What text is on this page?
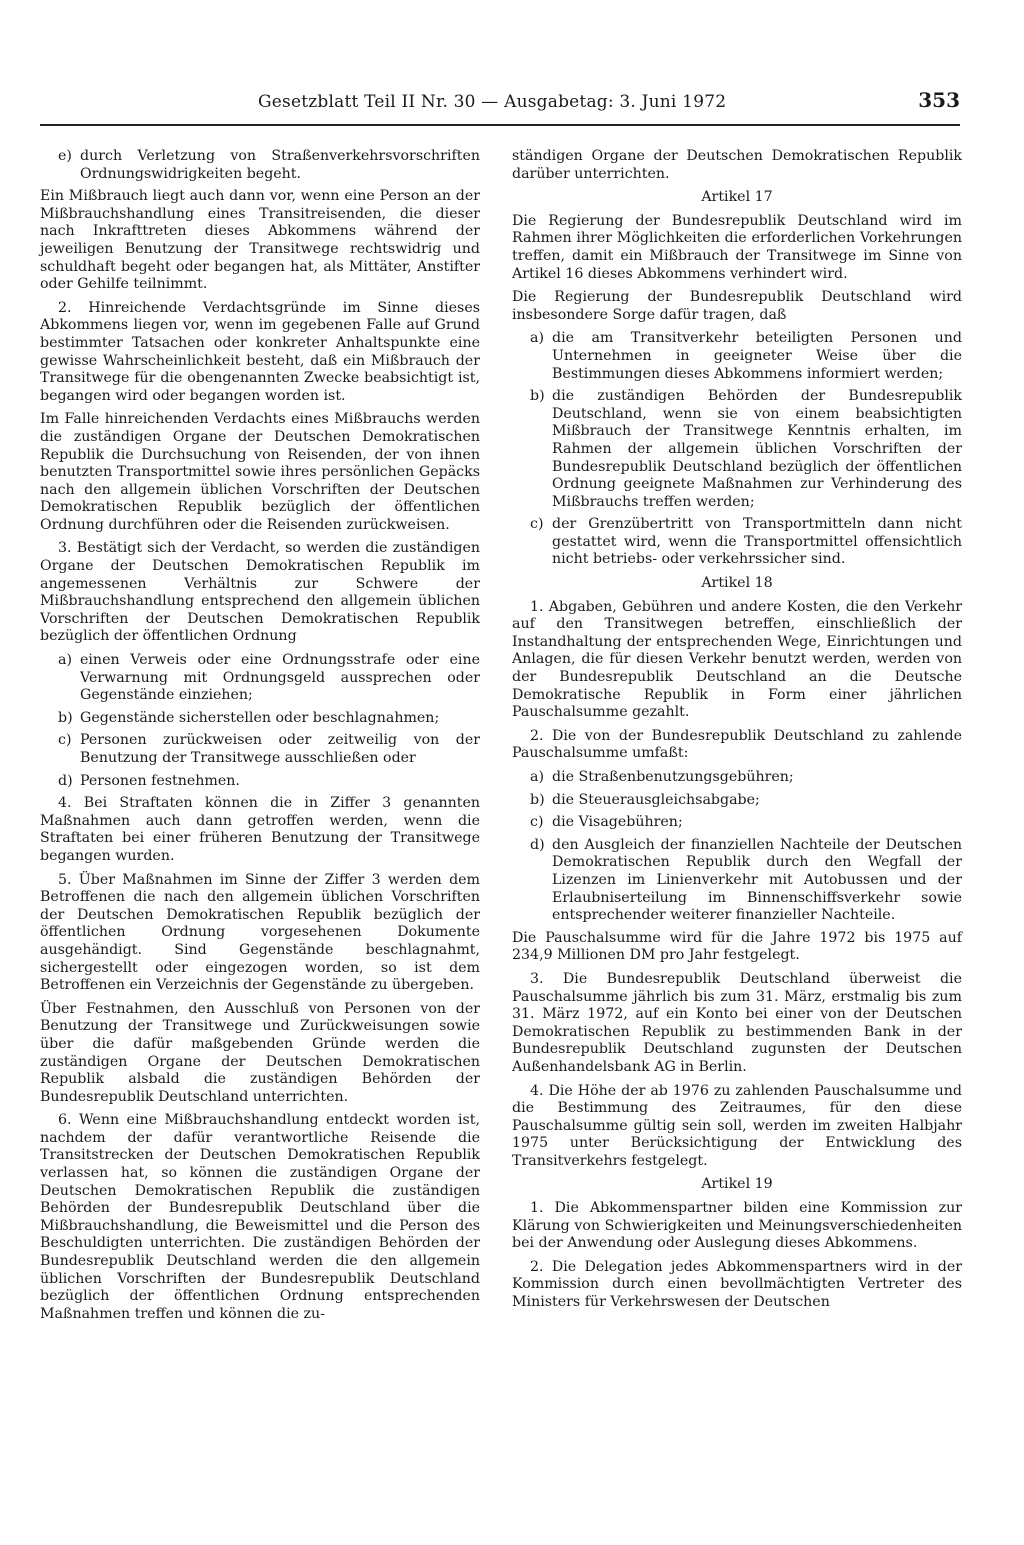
Gesetzblatt Teil II Nr. 30 — Ausgabetag: 3. Juni 1972	353
e) durch Verletzung von Straßenverkehrsvorschriften Ordnungswidrigkeiten begeht.

Ein Mißbrauch liegt auch dann vor, wenn eine Person an der Mißbrauchshandlung eines Transitreisenden, die dieser nach Inkrafttreten dieses Abkommens während der jeweiligen Benutzung der Transitwege rechtswidrig und schuldhaft begeht oder begangen hat, als Mittäter, Anstifter oder Gehilfe teilnimmt.

2. Hinreichende Verdachtsgründe im Sinne dieses Abkommens liegen vor, wenn im gegebenen Falle auf Grund bestimmter Tatsachen oder konkreter Anhaltspunkte eine gewisse Wahrscheinlichkeit besteht, daß ein Mißbrauch der Transitwege für die obengenannten Zwecke beabsichtigt ist, begangen wird oder begangen worden ist.

Im Falle hinreichenden Verdachts eines Mißbrauchs werden die zuständigen Organe der Deutschen Demokratischen Republik die Durchsuchung von Reisenden, der von ihnen benutzten Transportmittel sowie ihres persönlichen Gepäcks nach den allgemein üblichen Vorschriften der Deutschen Demokratischen Republik bezüglich der öffentlichen Ordnung durchführen oder die Reisenden zurückweisen.

3. Bestätigt sich der Verdacht, so werden die zuständigen Organe der Deutschen Demokratischen Republik im angemessenen Verhältnis zur Schwere der Mißbrauchshandlung entsprechend den allgemein üblichen Vorschriften der Deutschen Demokratischen Republik bezüglich der öffentlichen Ordnung

a) einen Verweis oder eine Ordnungsstrafe oder eine Verwarnung mit Ordnungsgeld aussprechen oder Gegenstände einziehen;
b) Gegenstände sicherstellen oder beschlagnahmen;
c) Personen zurückweisen oder zeitweilig von der Benutzung der Transitwege ausschließen oder
d) Personen festnehmen.

4. Bei Straftaten können die in Ziffer 3 genannten Maßnahmen auch dann getroffen werden, wenn die Straftaten bei einer früheren Benutzung der Transitwege begangen wurden.

5. Über Maßnahmen im Sinne der Ziffer 3 werden dem Betroffenen die nach den allgemein üblichen Vorschriften der Deutschen Demokratischen Republik bezüglich der öffentlichen Ordnung vorgesehenen Dokumente ausgehändigt. Sind Gegenstände beschlagnahmt, sichergestellt oder eingezogen worden, so ist dem Betroffenen ein Verzeichnis der Gegenstände zu übergeben.

Über Festnahmen, den Ausschluß von Personen von der Benutzung der Transitwege und Zurückweisungen sowie über die dafür maßgebenden Gründe werden die zuständigen Organe der Deutschen Demokratischen Republik alsbald die zuständigen Behörden der Bundesrepublik Deutschland unterrichten.

6. Wenn eine Mißbrauchshandlung entdeckt worden ist, nachdem der dafür verantwortliche Reisende die Transitstrecken der Deutschen Demokratischen Republik verlassen hat, so können die zuständigen Organe der Deutschen Demokratischen Republik die zuständigen Behörden der Bundesrepublik Deutschland über die Mißbrauchshandlung, die Beweismittel und die Person des Beschuldigten unterrichten. Die zuständigen Behörden der Bundesrepublik Deutschland werden die den allgemein üblichen Vorschriften der Bundesrepublik Deutschland bezüglich der öffentlichen Ordnung entsprechenden Maßnahmen treffen und können die zu-

ständigen Organe der Deutschen Demokratischen Republik darüber unterrichten.

Artikel 17

Die Regierung der Bundesrepublik Deutschland wird im Rahmen ihrer Möglichkeiten die erforderlichen Vorkehrungen treffen, damit ein Mißbrauch der Transitwege im Sinne von Artikel 16 dieses Abkommens verhindert wird.

Die Regierung der Bundesrepublik Deutschland wird insbesondere Sorge dafür tragen, daß

a) die am Transitverkehr beteiligten Personen und Unternehmen in geeigneter Weise über die Bestimmungen dieses Abkommens informiert werden;
b) die zuständigen Behörden der Bundesrepublik Deutschland, wenn sie von einem beabsichtigten Mißbrauch der Transitwege Kenntnis erhalten, im Rahmen der allgemein üblichen Vorschriften der Bundesrepublik Deutschland bezüglich der öffentlichen Ordnung geeignete Maßnahmen zur Verhinderung des Mißbrauchs treffen werden;
c) der Grenzübertritt von Transportmitteln dann nicht gestattet wird, wenn die Transportmittel offensichtlich nicht betriebs- oder verkehrssicher sind.
Artikel 18

1. Abgaben, Gebühren und andere Kosten, die den Verkehr auf den Transitwegen betreffen, einschließlich der Instandhaltung der entsprechenden Wege, Einrichtungen und Anlagen, die für diesen Verkehr benutzt werden, werden von der Bundesrepublik Deutschland an die Deutsche Demokratische Republik in Form einer jährlichen Pauschalsumme gezahlt.

2. Die von der Bundesrepublik Deutschland zu zahlende Pauschalsumme umfaßt:

a) die Straßenbenutzungsgebühren;
b) die Steuerausgleichsabgabe;
c) die Visagebühren;
d) den Ausgleich der finanziellen Nachteile der Deutschen Demokratischen Republik durch den Wegfall der Lizenzen im Linienverkehr mit Autobussen und der Erlaubniserteilung im Binnenschiffsverkehr sowie entsprechender weiterer finanzieller Nachteile.

Die Pauschalsumme wird für die Jahre 1972 bis 1975 auf 234,9 Millionen DM pro Jahr festgelegt.

3. Die Bundesrepublik Deutschland überweist die Pauschalsumme jährlich bis zum 31. März, erstmalig bis zum 31. März 1972, auf ein Konto bei einer von der Deutschen Demokratischen Republik zu bestimmenden Bank in der Bundesrepublik Deutschland zugunsten der Deutschen Außenhandelsbank AG in Berlin.

4. Die Höhe der ab 1976 zu zahlenden Pauschalsumme und die Bestimmung des Zeitraumes, für den diese Pauschalsumme gültig sein soll, werden im zweiten Halbjahr 1975 unter Berücksichtigung der Entwicklung des Transitverkehrs festgelegt.

Artikel 19

1. Die Abkommenspartner bilden eine Kommission zur Klärung von Schwierigkeiten und Meinungsverschiedenheiten bei der Anwendung oder Auslegung dieses Abkommens.

2. Die Delegation jedes Abkommenspartners wird in der Kommission durch einen bevollmächtigten Vertreter des Ministers für Verkehrswesen der Deutschen
